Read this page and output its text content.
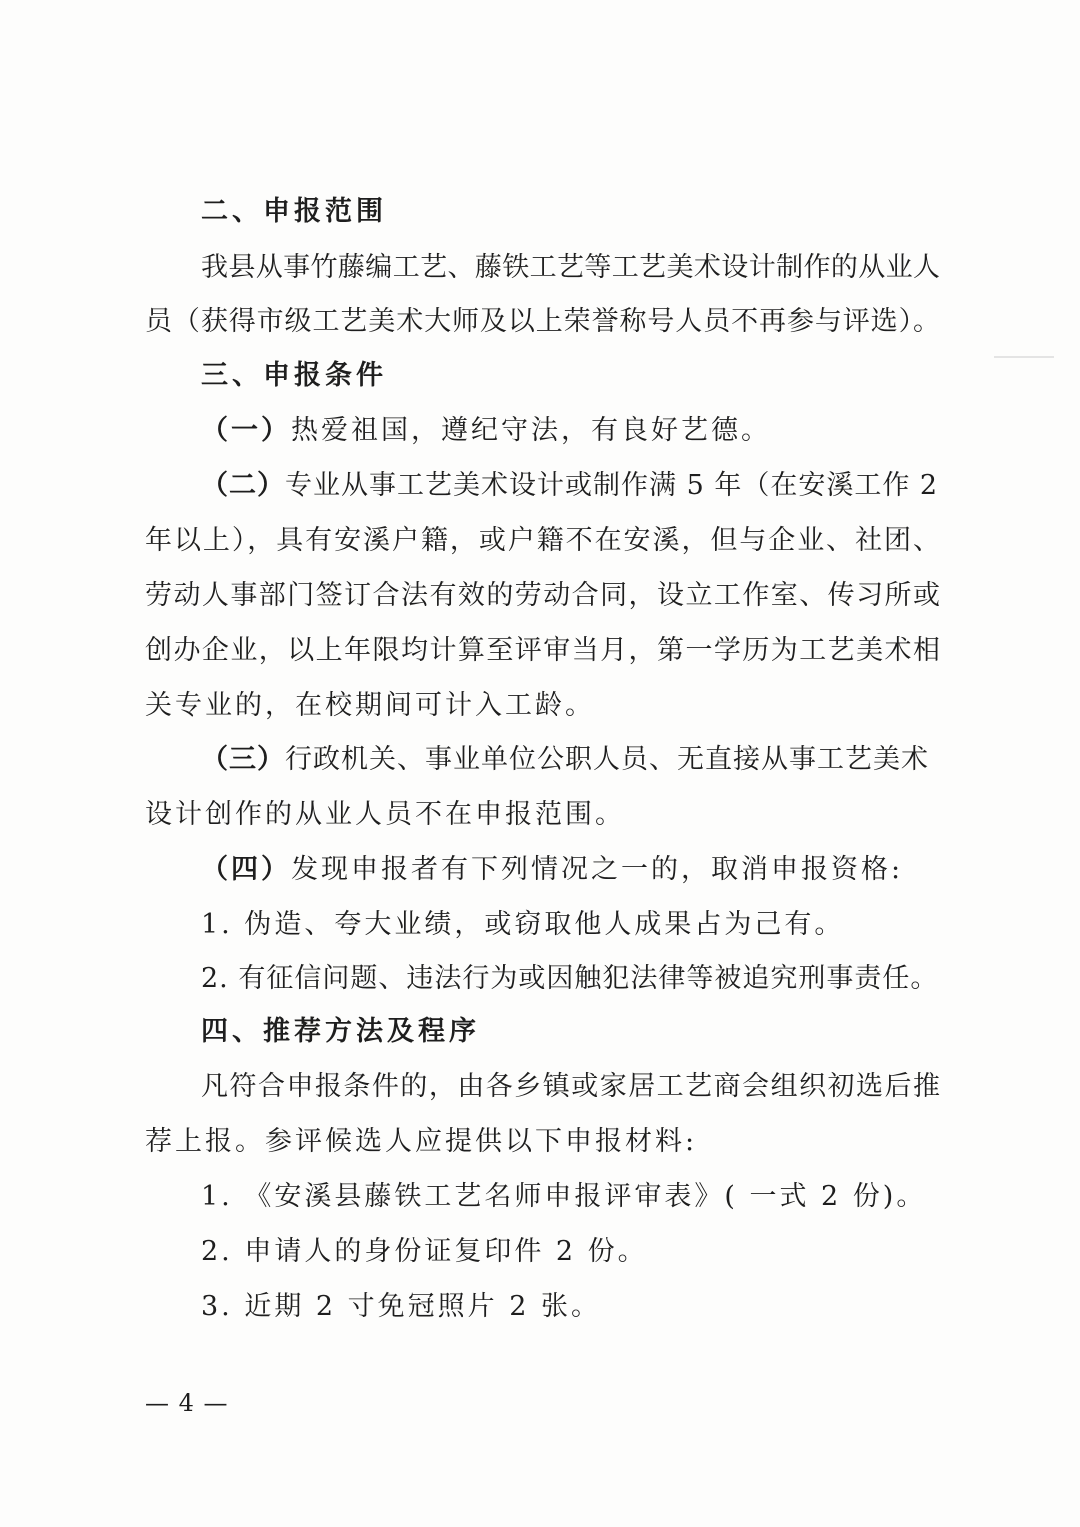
二、申报范围
我县从事竹藤编工艺、藤铁工艺等工艺美术设计制作的从业人
员（获得市级工艺美术大师及以上荣誉称号人员不再参与评选）。
三、申报条件
（一）热爱祖国，遵纪守法，有良好艺德。
（二）专业从事工艺美术设计或制作满 5 年（在安溪工作 2
年以上），具有安溪户籍，或户籍不在安溪，但与企业、社团、
劳动人事部门签订合法有效的劳动合同，设立工作室、传习所或
创办企业，以上年限均计算至评审当月，第一学历为工艺美术相
关专业的，在校期间可计入工龄。
（三）行政机关、事业单位公职人员、无直接从事工艺美术
设计创作的从业人员不在申报范围。
（四）发现申报者有下列情况之一的，取消申报资格:
1. 伪造、夸大业绩，或窃取他人成果占为己有。
2. 有征信问题、违法行为或因触犯法律等被追究刑事责任。
四、推荐方法及程序
凡符合申报条件的，由各乡镇或家居工艺商会组织初选后推
荐上报。参评候选人应提供以下申报材料:
1. 《安溪县藤铁工艺名师申报评审表》( 一式 2 份)。
2. 申请人的身份证复印件 2 份。
3. 近期 2 寸免冠照片 2 张。
— 4 —
